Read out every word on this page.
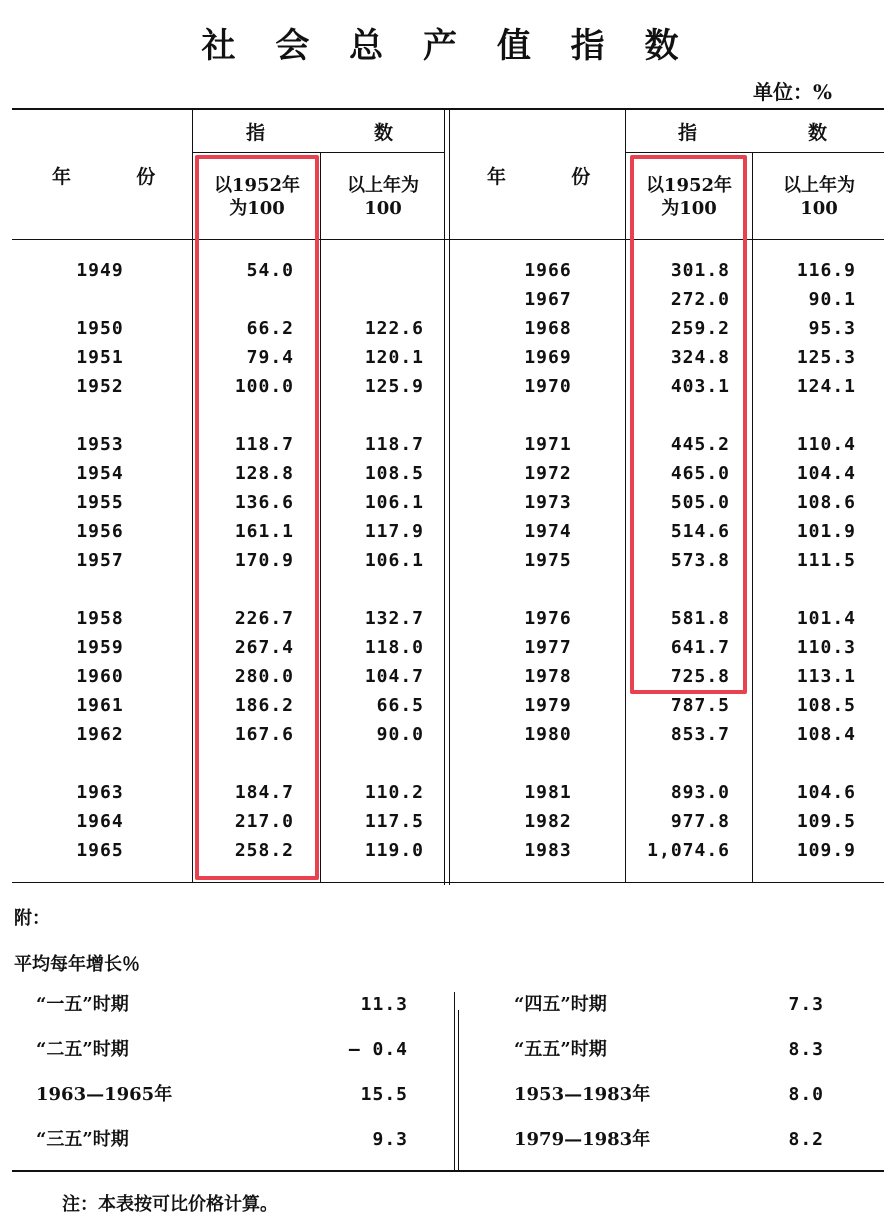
社 会 总 产 值 指 数
单位：%
年	份
指	数
以1952年
为100
以上年为
100
年	份
指	数
以1952年
为100
以上年为
100
1949	54.0
1950	66.2	122.6
1951	79.4	120.1
1952	100.0	125.9
1953	118.7	118.7
1954	128.8	108.5
1955	136.6	106.1
1956	161.1	117.9
1957	170.9	106.1
1958	226.7	132.7
1959	267.4	118.0
1960	280.0	104.7
1961	186.2	66.5
1962	167.6	90.0
1963	184.7	110.2
1964	217.0	117.5
1965	258.2	119.0
1966	301.8	116.9
1967	272.0	90.1
1968	259.2	95.3
1969	324.8	125.3
1970	403.1	124.1
1971	445.2	110.4
1972	465.0	104.4
1973	505.0	108.6
1974	514.6	101.9
1975	573.8	111.5
1976	581.8	101.4
1977	641.7	110.3
1978	725.8	113.1
1979	787.5	108.5
1980	853.7	108.4
1981	893.0	104.6
1982	977.8	109.5
1983	1,074.6	109.9
附：
平均每年增长％
“一五”时期	11.3
“二五”时期	— 0.4
1963—1965年	15.5
“三五”时期	9.3
“四五”时期	7.3
“五五”时期	8.3
1953—1983年	8.0
1979—1983年	8.2
注：本表按可比价格计算。
